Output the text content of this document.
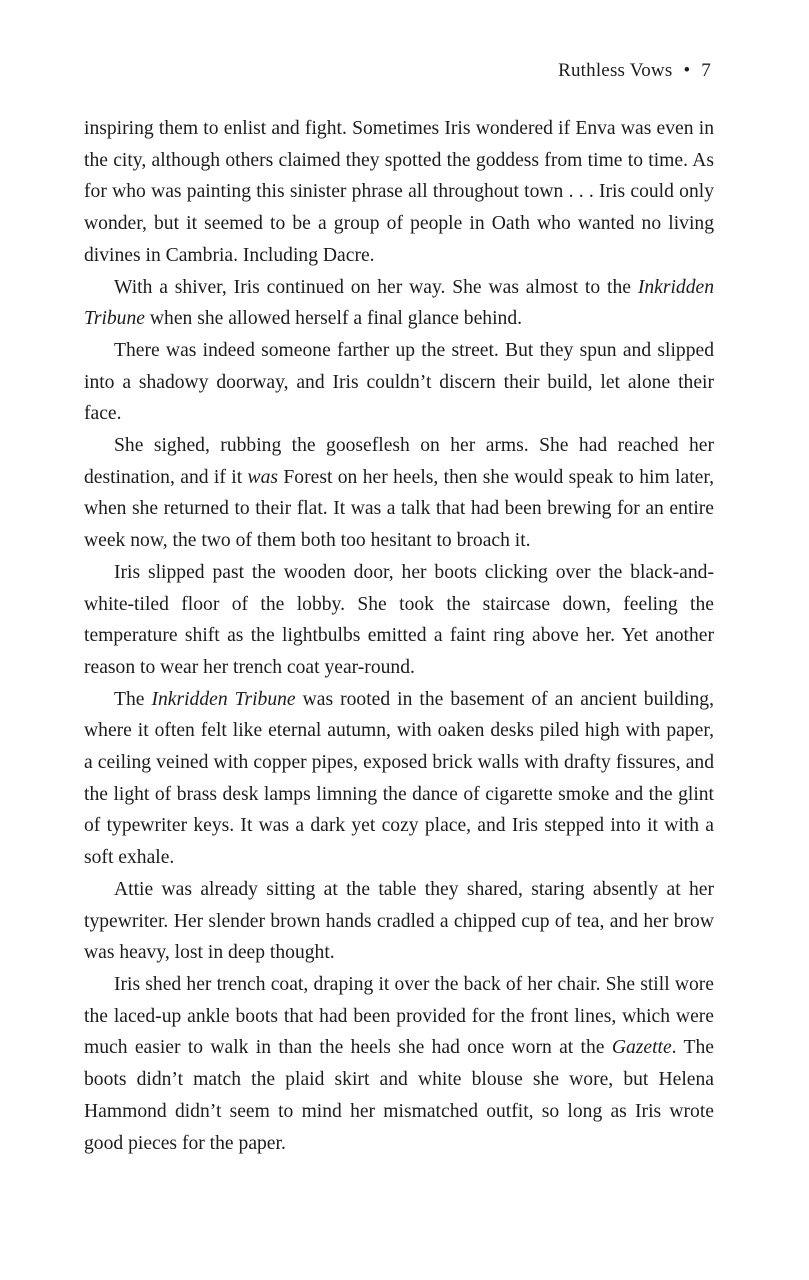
Ruthless Vows • 7

inspiring them to enlist and fight. Sometimes Iris wondered if Enva was even in the city, although others claimed they spotted the goddess from time to time. As for who was painting this sinister phrase all throughout town . . . Iris could only wonder, but it seemed to be a group of people in Oath who wanted no living divines in Cambria. Including Dacre.

With a shiver, Iris continued on her way. She was almost to the Inkridden Tribune when she allowed herself a final glance behind.

There was indeed someone farther up the street. But they spun and slipped into a shadowy doorway, and Iris couldn’t discern their build, let alone their face.

She sighed, rubbing the gooseflesh on her arms. She had reached her destination, and if it was Forest on her heels, then she would speak to him later, when she returned to their flat. It was a talk that had been brewing for an entire week now, the two of them both too hesitant to broach it.

Iris slipped past the wooden door, her boots clicking over the black-and-white-tiled floor of the lobby. She took the staircase down, feeling the temperature shift as the lightbulbs emitted a faint ring above her. Yet another reason to wear her trench coat year-round.

The Inkridden Tribune was rooted in the basement of an ancient building, where it often felt like eternal autumn, with oaken desks piled high with paper, a ceiling veined with copper pipes, exposed brick walls with drafty fissures, and the light of brass desk lamps limning the dance of cigarette smoke and the glint of typewriter keys. It was a dark yet cozy place, and Iris stepped into it with a soft exhale.

Attie was already sitting at the table they shared, staring absently at her typewriter. Her slender brown hands cradled a chipped cup of tea, and her brow was heavy, lost in deep thought.

Iris shed her trench coat, draping it over the back of her chair. She still wore the laced-up ankle boots that had been provided for the front lines, which were much easier to walk in than the heels she had once worn at the Gazette. The boots didn’t match the plaid skirt and white blouse she wore, but Helena Hammond didn’t seem to mind her mismatched outfit, so long as Iris wrote good pieces for the paper.
